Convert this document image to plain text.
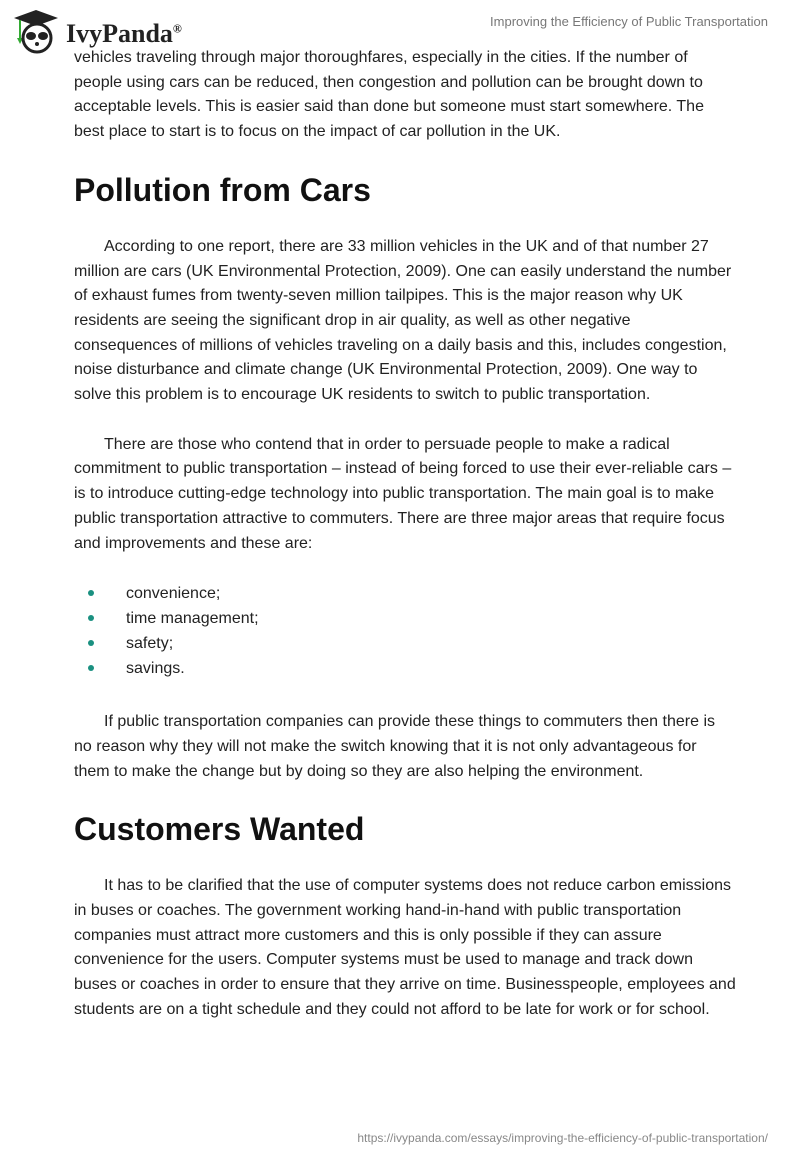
IvyPanda®	Improving the Efficiency of Public Transportation

vehicles traveling through major thoroughfares, especially in the cities. If the number of people using cars can be reduced, then congestion and pollution can be brought down to acceptable levels. This is easier said than done but someone must start somewhere. The best place to start is to focus on the impact of car pollution in the UK.

Pollution from Cars

According to one report, there are 33 million vehicles in the UK and of that number 27 million are cars (UK Environmental Protection, 2009). One can easily understand the number of exhaust fumes from twenty-seven million tailpipes. This is the major reason why UK residents are seeing the significant drop in air quality, as well as other negative consequences of millions of vehicles traveling on a daily basis and this, includes congestion, noise disturbance and climate change (UK Environmental Protection, 2009). One way to solve this problem is to encourage UK residents to switch to public transportation.

There are those who contend that in order to persuade people to make a radical commitment to public transportation – instead of being forced to use their ever-reliable cars – is to introduce cutting-edge technology into public transportation. The main goal is to make public transportation attractive to commuters. There are three major areas that require focus and improvements and these are:

convenience;
time management;
safety;
savings.

If public transportation companies can provide these things to commuters then there is no reason why they will not make the switch knowing that it is not only advantageous for them to make the change but by doing so they are also helping the environment.

Customers Wanted

It has to be clarified that the use of computer systems does not reduce carbon emissions in buses or coaches. The government working hand-in-hand with public transportation companies must attract more customers and this is only possible if they can assure convenience for the users. Computer systems must be used to manage and track down buses or coaches in order to ensure that they arrive on time. Businesspeople, employees and students are on a tight schedule and they could not afford to be late for work or for school.

https://ivypanda.com/essays/improving-the-efficiency-of-public-transportation/
